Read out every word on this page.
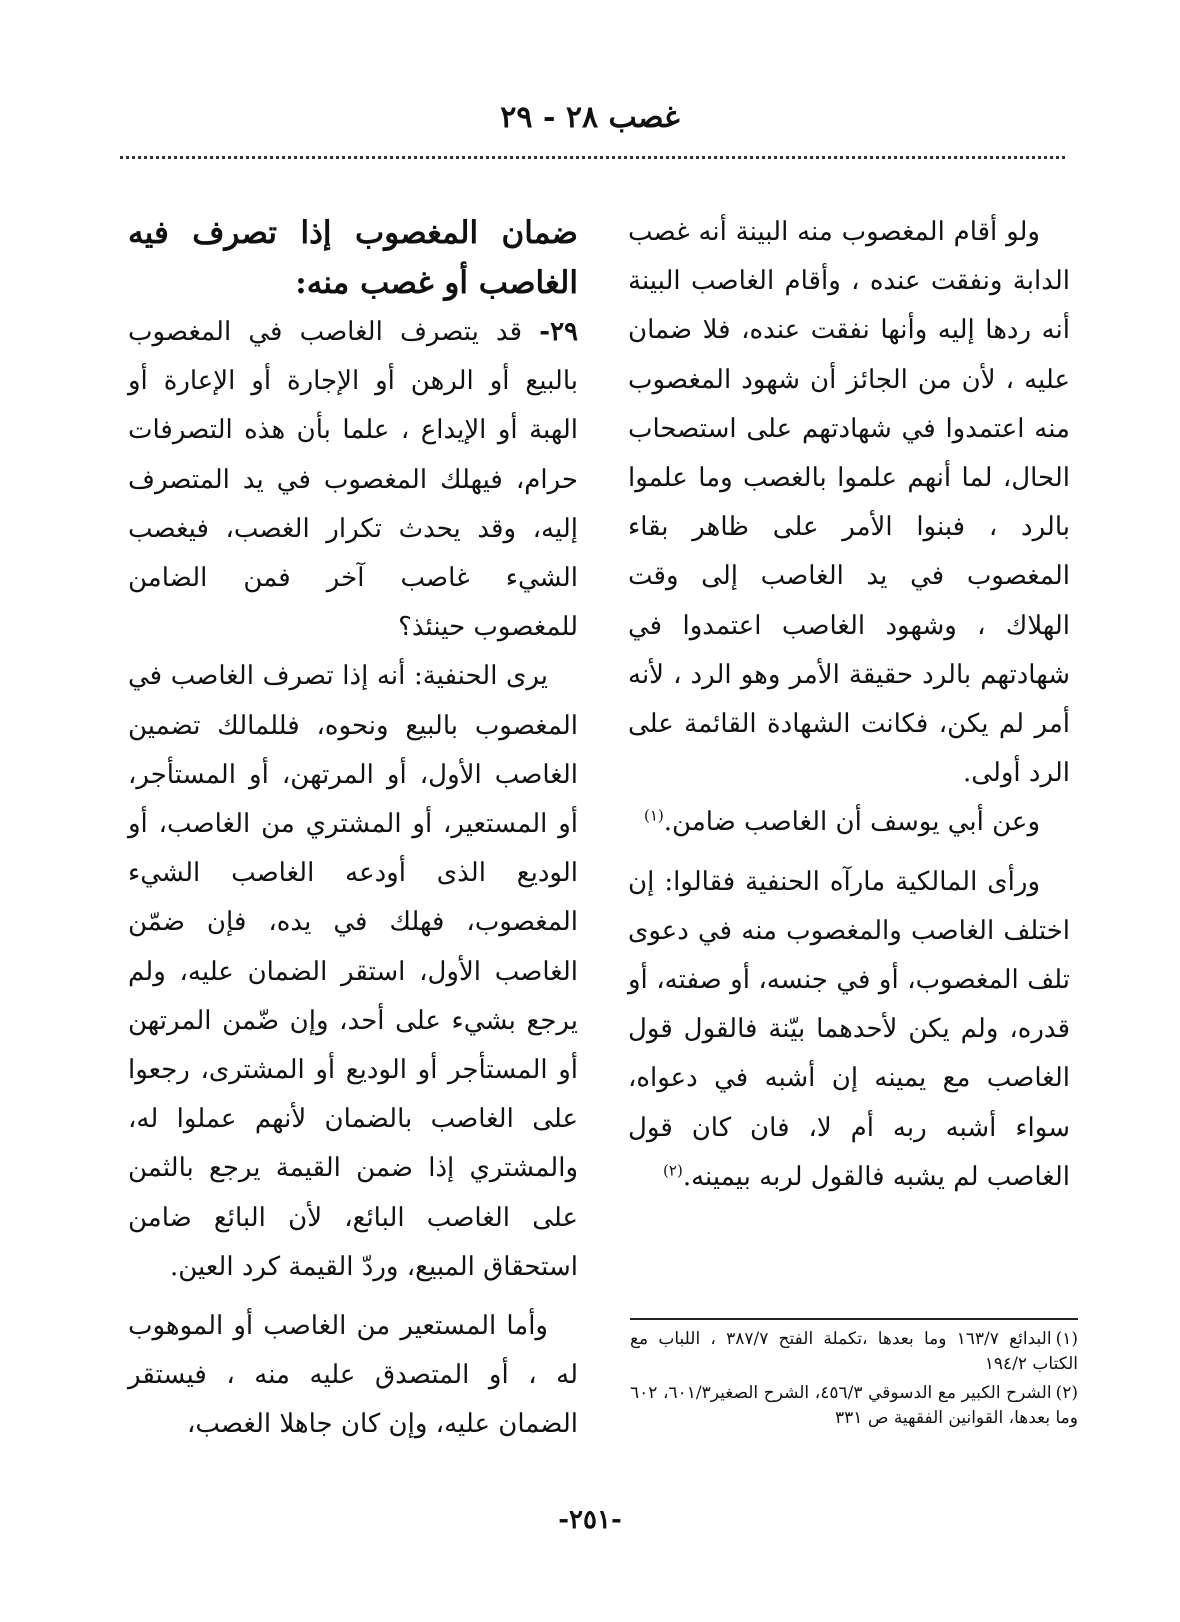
غصب ٢٨ - ٢٩

ولو أقام المغصوب منه البينة أنه غصب الدابة ونفقت عنده ، وأقام الغاصب البينة أنه ردها إليه وأنها نفقت عنده، فلا ضمان عليه ، لأن من الجائز أن شهود المغصوب منه اعتمدوا في شهادتهم على استصحاب الحال، لما أنهم علموا بالغصب وما علموا بالرد ، فبنوا الأمر على ظاهر بقاء المغصوب في يد الغاصب إلى وقت الهلاك ، وشهود الغاصب اعتمدوا في شهادتهم بالرد حقيقة الأمر وهو الرد ، لأنه أمر لم يكن، فكانت الشهادة القائمة على الرد أولى.

وعن أبي يوسف أن الغاصب ضامن.$^{(١)}$

ورأى المالكية مارآه الحنفية فقالوا: إن اختلف الغاصب والمغصوب منه في دعوى تلف المغصوب، أو في جنسه، أو صفته، أو قدره، ولم يكن لأحدهما بيّنة فالقول قول الغاصب مع يمينه إن أشبه في دعواه، سواء أشبه ربه أم لا، فان كان قول الغاصب لم يشبه فالقول لربه بيمينه.$^{(٢)}$

ضمان المغصوب إذا تصرف فيه الغاصب أو غصب منه:

٢٩- قد يتصرف الغاصب في المغصوب بالبيع أو الرهن أو الإجارة أو الإعارة أو الهبة أو الإيداع ، علما بأن هذه التصرفات حرام، فيهلك المغصوب في يد المتصرف إليه، وقد يحدث تكرار الغصب، فيغصب الشيء غاصب آخر فمن الضامن للمغصوب حينئذ؟

يرى الحنفية: أنه إذا تصرف الغاصب في المغصوب بالبيع ونحوه، فللمالك تضمين الغاصب الأول، أو المرتهن، أو المستأجر، أو المستعير، أو المشتري من الغاصب، أو الوديع الذى أودعه الغاصب الشيء المغصوب، فهلك في يده، فإن ضمّن الغاصب الأول، استقر الضمان عليه، ولم يرجع بشيء على أحد، وإن ضّمن المرتهن أو المستأجر أو الوديع أو المشترى، رجعوا على الغاصب بالضمان لأنهم عملوا له، والمشتري إذا ضمن القيمة يرجع بالثمن على الغاصب البائع، لأن البائع ضامن استحقاق المبيع، وردّ القيمة كرد العين.

وأما المستعير من الغاصب أو الموهوب له ، أو المتصدق عليه منه ، فيستقر الضمان عليه، وإن كان جاهلا الغصب،

(١)البدائع ١٦٣/٧ وما بعدها ،تكملة الفتح ٣٨٧/٧ ، اللباب مع الكتاب ١٩٤/٢

(٢)الشرح الكبير مع الدسوقي ٤٥٦/٣، الشرح الصغير٦٠١/٣، ٦٠٢ وما بعدها، القوانين الفقهية ص ٣٣١

-٢٥١-
